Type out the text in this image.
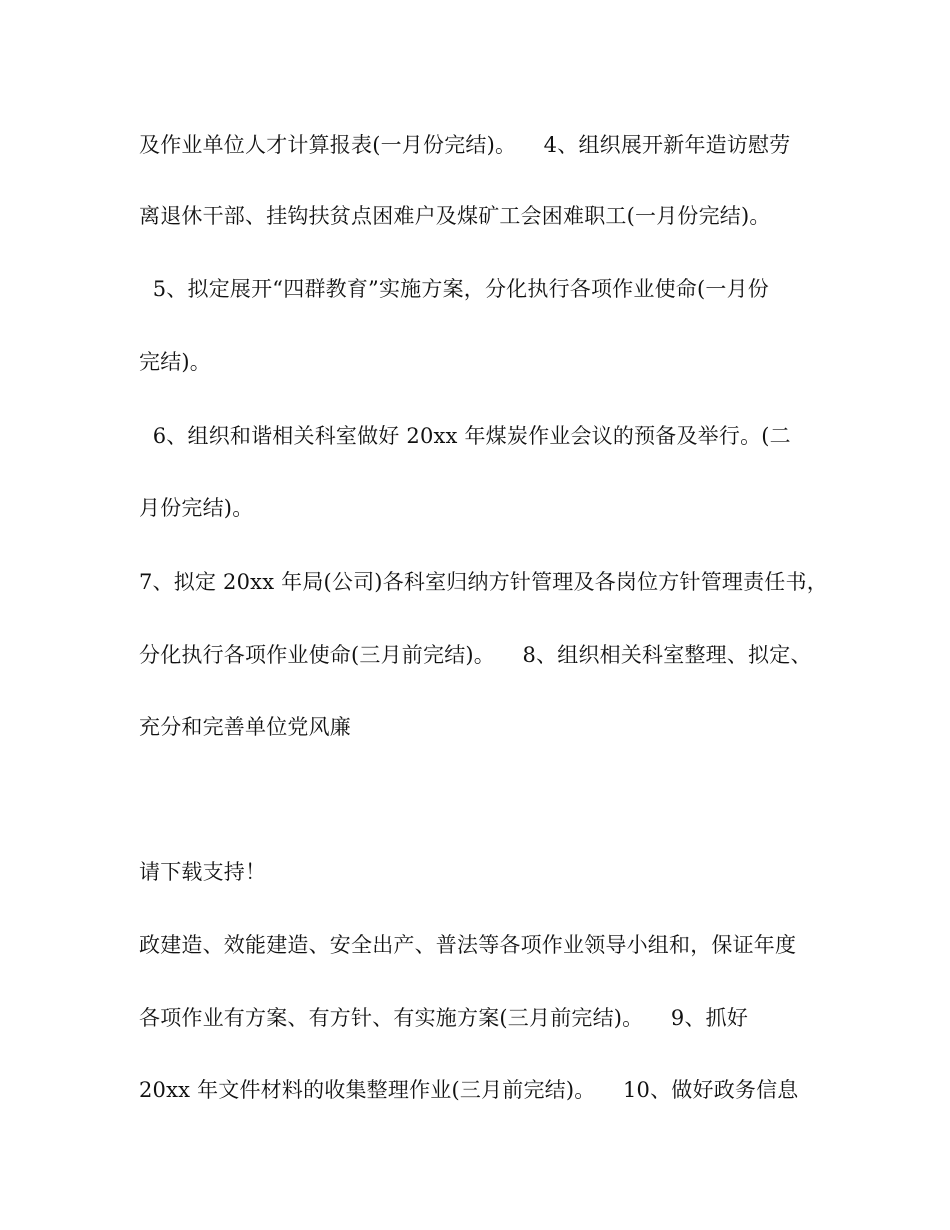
及作业单位人才计算报表(一月份完结)。    4、组织展开新年造访慰劳
离退休干部、挂钩扶贫点困难户及煤矿工会困难职工(一月份完结)。
5、拟定展开“四群教育”实施方案，分化执行各项作业使命(一月份
完结)。
6、组织和谐相关科室做好 20xx 年煤炭作业会议的预备及举行。(二
月份完结)。
7、拟定 20xx 年局(公司)各科室归纳方针管理及各岗位方针管理责任书，
分化执行各项作业使命(三月前完结)。    8、组织相关科室整理、拟定、
充分和完善单位党风廉
请下载支持！
政建造、效能建造、安全出产、普法等各项作业领导小组和，保证年度
各项作业有方案、有方针、有实施方案(三月前完结)。    9、抓好
20xx 年文件材料的收集整理作业(三月前完结)。    10、做好政务信息
